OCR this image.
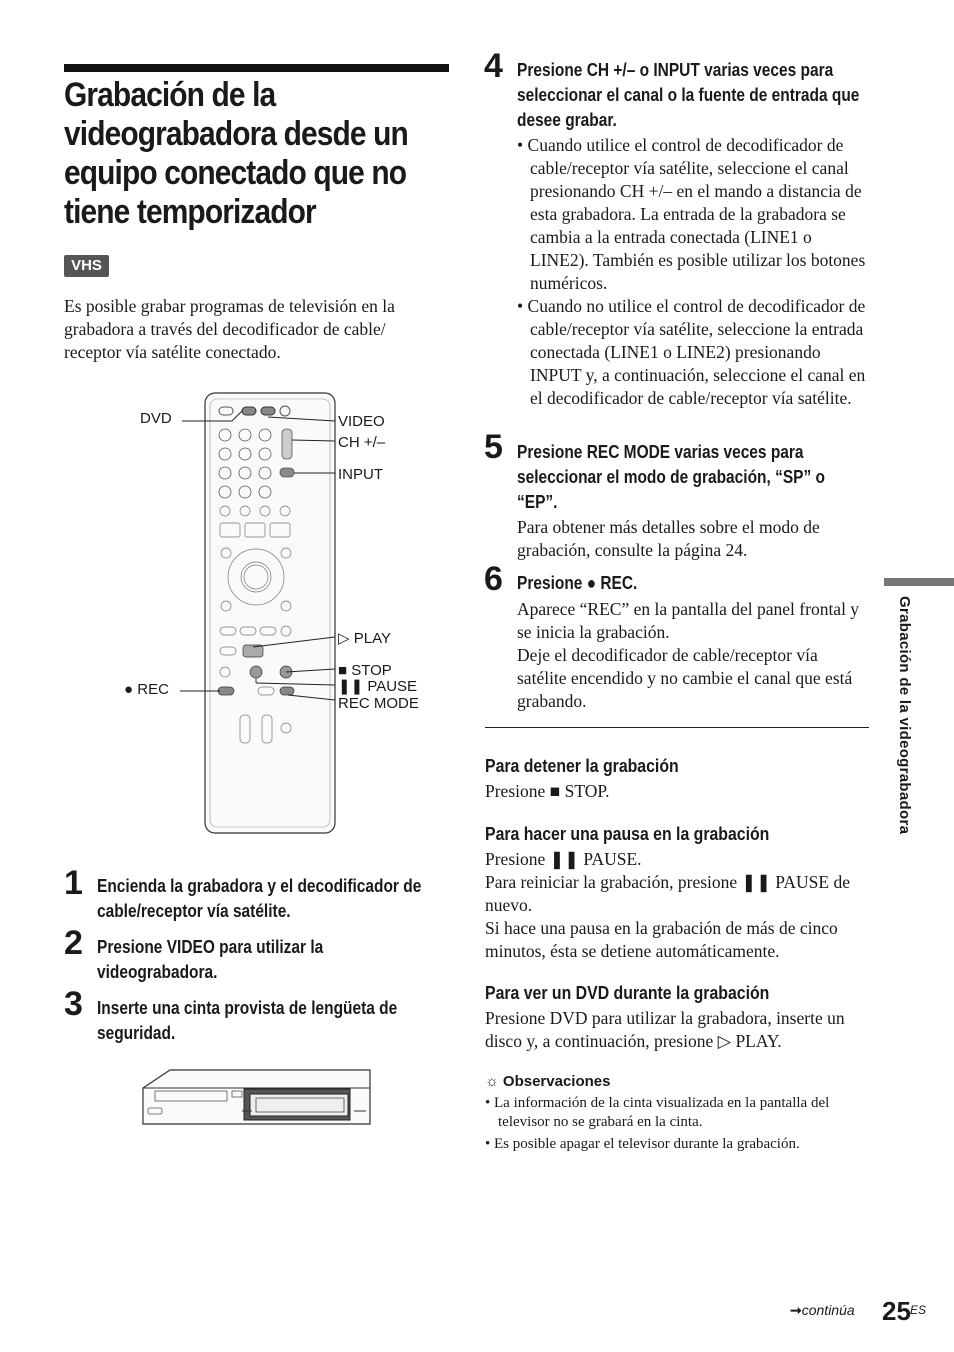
Grabación de la videograbadora desde un equipo conectado que no tiene temporizador
VHS
Es posible grabar programas de televisión en la grabadora a través del decodificador de cable/ receptor vía satélite conectado.
DVD	VIDEO
CH +/–
INPUT
▷ PLAY
■ STOP
❚❚ PAUSE
REC MODE
● REC
1 Encienda la grabadora y el decodificador de cable/receptor vía satélite.
2 Presione VIDEO para utilizar la videograbadora.
3 Inserte una cinta provista de lengüeta de seguridad.
4 Presione CH +/– o INPUT varias veces para seleccionar el canal o la fuente de entrada que desee grabar.
• Cuando utilice el control de decodificador de cable/receptor vía satélite, seleccione el canal presionando CH +/– en el mando a distancia de esta grabadora. La entrada de la grabadora se cambia a la entrada conectada (LINE1 o LINE2). También es posible utilizar los botones numéricos.
• Cuando no utilice el control de decodificador de cable/receptor vía satélite, seleccione la entrada conectada (LINE1 o LINE2) presionando INPUT y, a continuación, seleccione el canal en el decodificador de cable/receptor vía satélite.
5 Presione REC MODE varias veces para seleccionar el modo de grabación, “SP” o “EP”.
Para obtener más detalles sobre el modo de grabación, consulte la página 24.
6 Presione ● REC.
Aparece “REC” en la pantalla del panel frontal y se inicia la grabación.
Deje el decodificador de cable/receptor vía satélite encendido y no cambie el canal que está grabando.
Para detener la grabación
Presione ■ STOP.
Para hacer una pausa en la grabación
Presione ❚❚ PAUSE.
Para reiniciar la grabación, presione ❚❚ PAUSE de nuevo.
Si hace una pausa en la grabación de más de cinco minutos, ésta se detiene automáticamente.
Para ver un DVD durante la grabación
Presione DVD para utilizar la grabadora, inserte un disco y, a continuación, presione ▷ PLAY.
☼ Observaciones
• La información de la cinta visualizada en la pantalla del televisor no se grabará en la cinta.
• Es posible apagar el televisor durante la grabación.
Grabación de la videograbadora
➞continúa 25 ES
